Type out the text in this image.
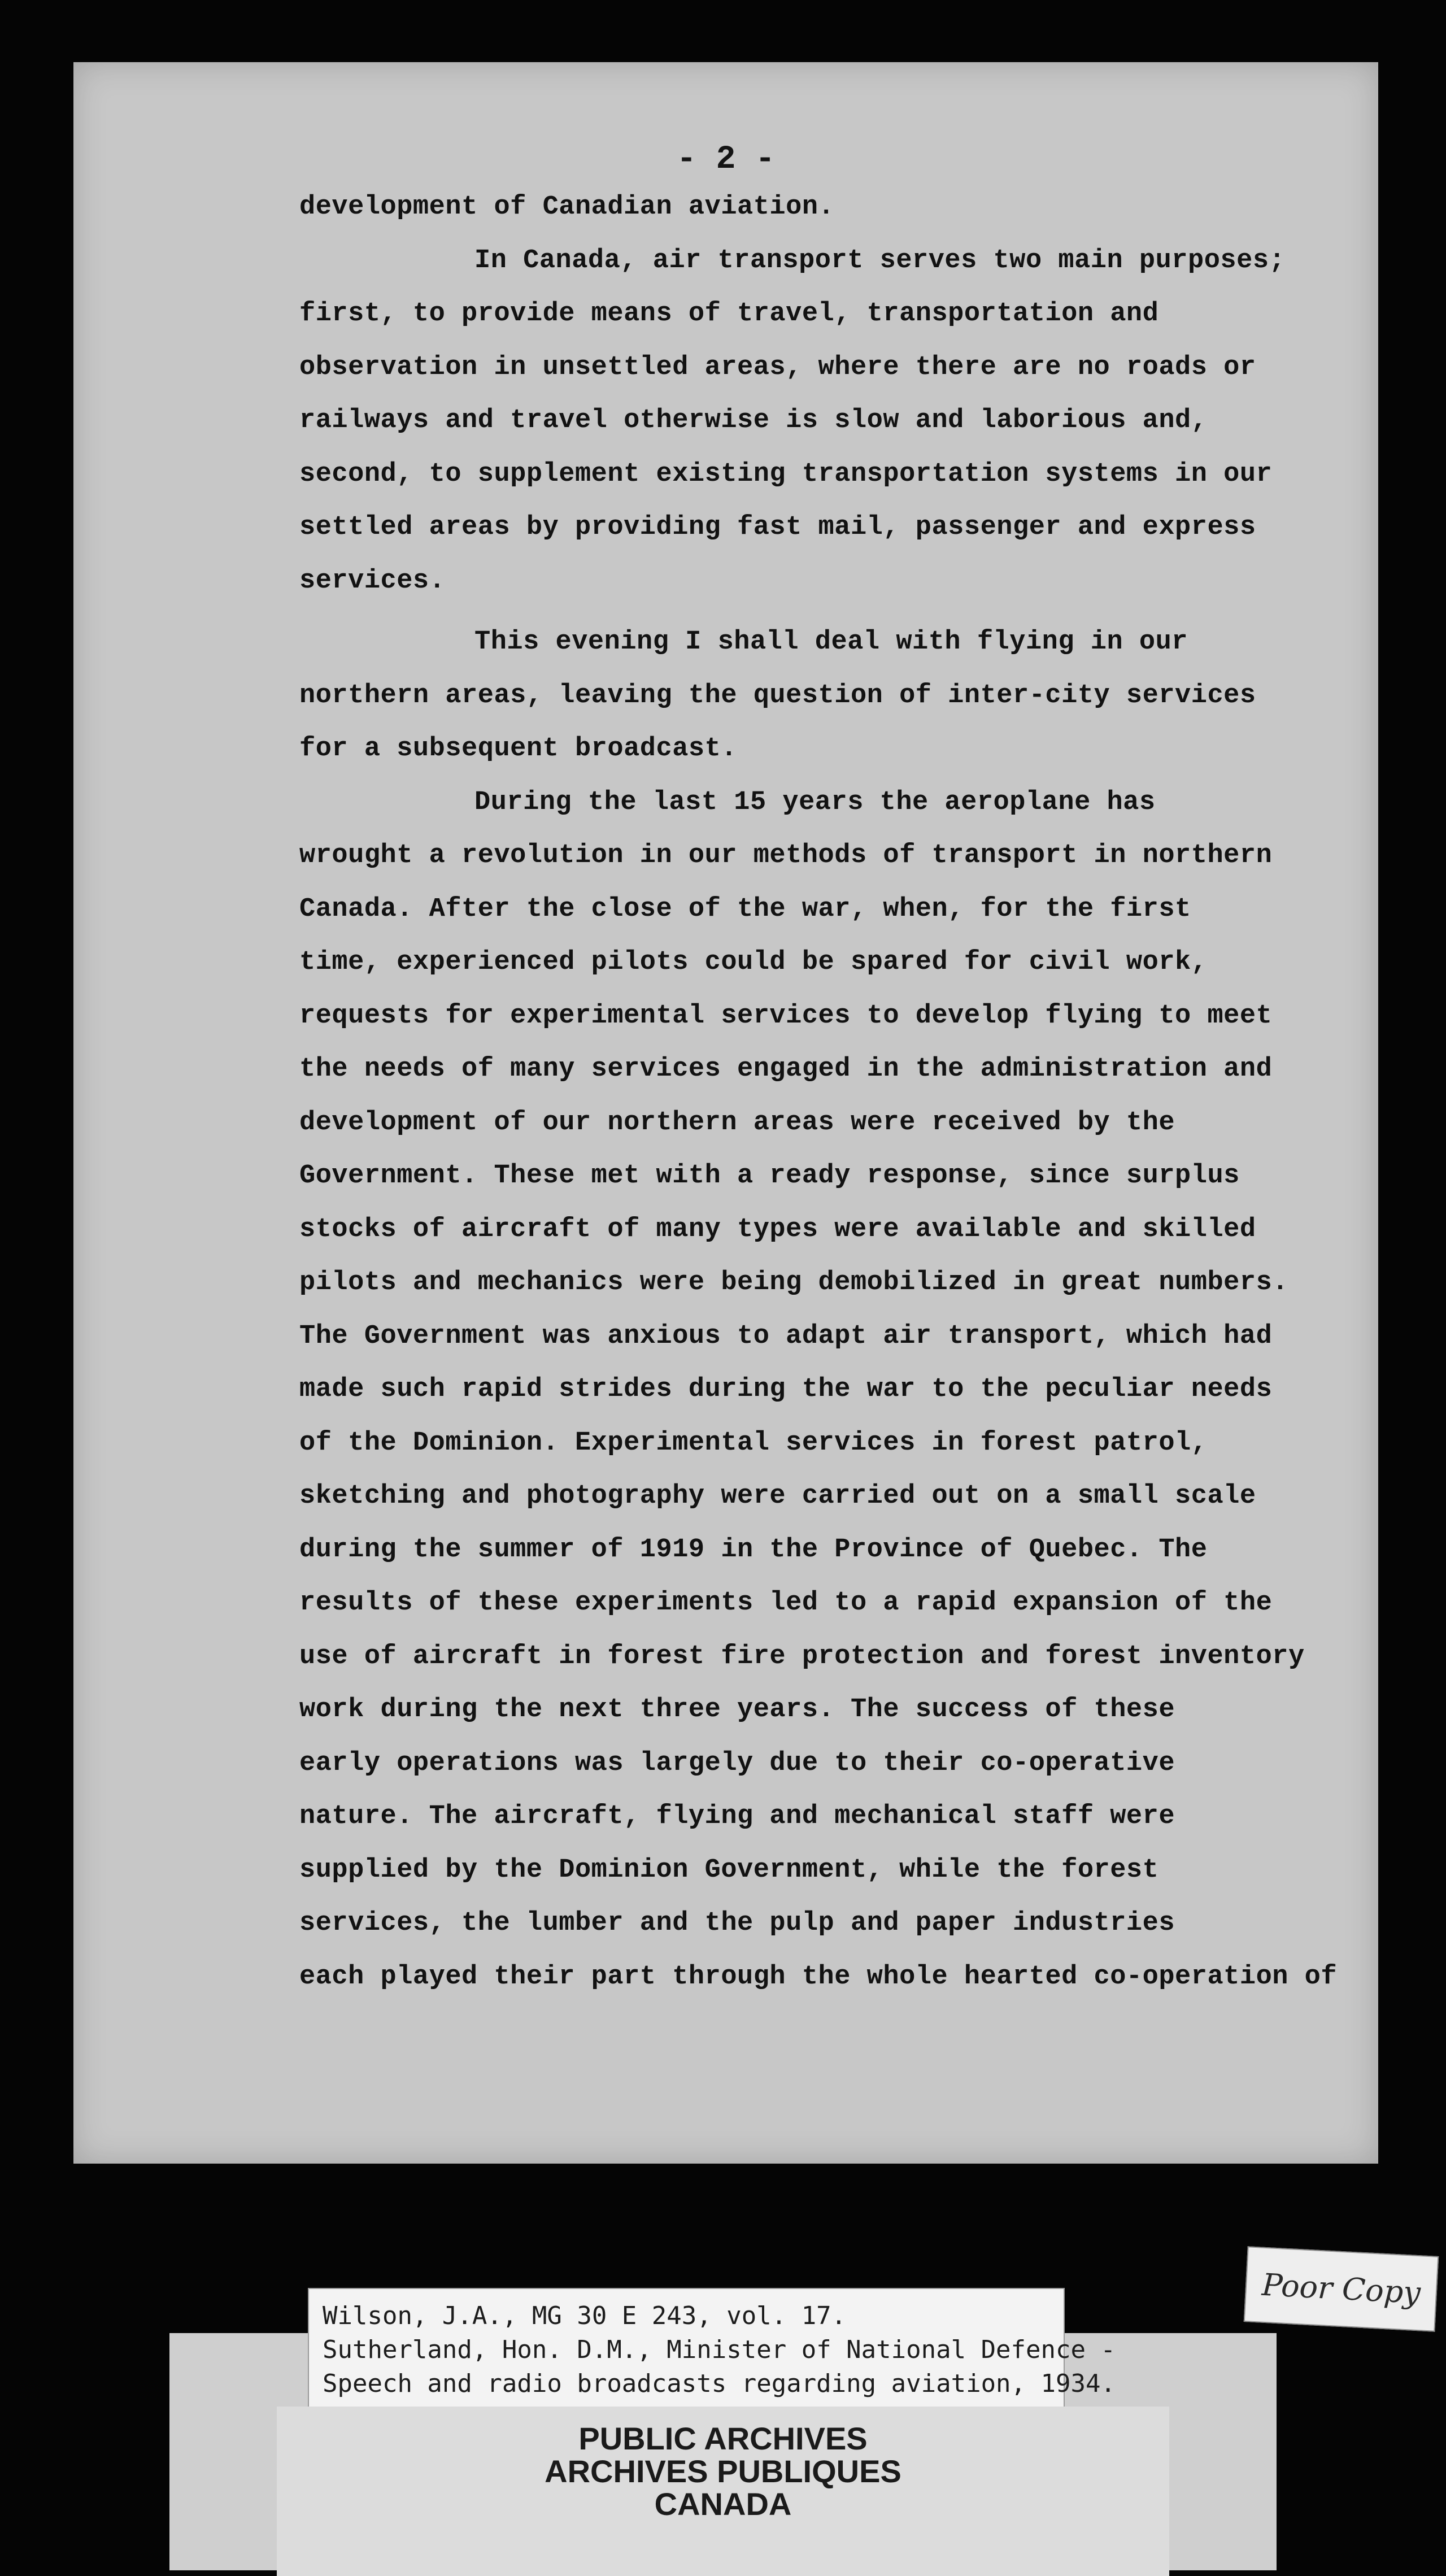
- 2 -
development of Canadian aviation.
In Canada, air transport serves two main purposes;
first, to provide means of travel, transportation and
observation in unsettled areas, where there are no roads or
railways and travel otherwise is slow and laborious and,
second, to supplement existing transportation systems in our
settled areas by providing fast mail, passenger and express
services.
This evening I shall deal with flying in our
northern areas, leaving the question of inter-city services
for a subsequent broadcast.
During the last 15 years the aeroplane has
wrought a revolution in our methods of transport in northern
Canada. After the close of the war, when, for the first
time, experienced pilots could be spared for civil work,
requests for experimental services to develop flying to meet
the needs of many services engaged in the administration and
development of our northern areas were received by the
Government. These met with a ready response, since surplus
stocks of aircraft of many types were available and skilled
pilots and mechanics were being demobilized in great numbers.
The Government was anxious to adapt air transport, which had
made such rapid strides during the war to the peculiar needs
of the Dominion. Experimental services in forest patrol,
sketching and photography were carried out on a small scale
during the summer of 1919 in the Province of Quebec. The
results of these experiments led to a rapid expansion of the
use of aircraft in forest fire protection and forest inventory
work during the next three years. The success of these
early operations was largely due to their co-operative
nature. The aircraft, flying and mechanical staff were
supplied by the Dominion Government, while the forest
services, the lumber and the pulp and paper industries
each played their part through the whole hearted co-operation of
Wilson, J.A., MG 30 E 243, vol. 17.
Sutherland, Hon. D.M., Minister of National Defence -
Speech and radio broadcasts regarding aviation, 1934.
Poor Copy
PUBLIC ARCHIVES
ARCHIVES PUBLIQUES
CANADA
